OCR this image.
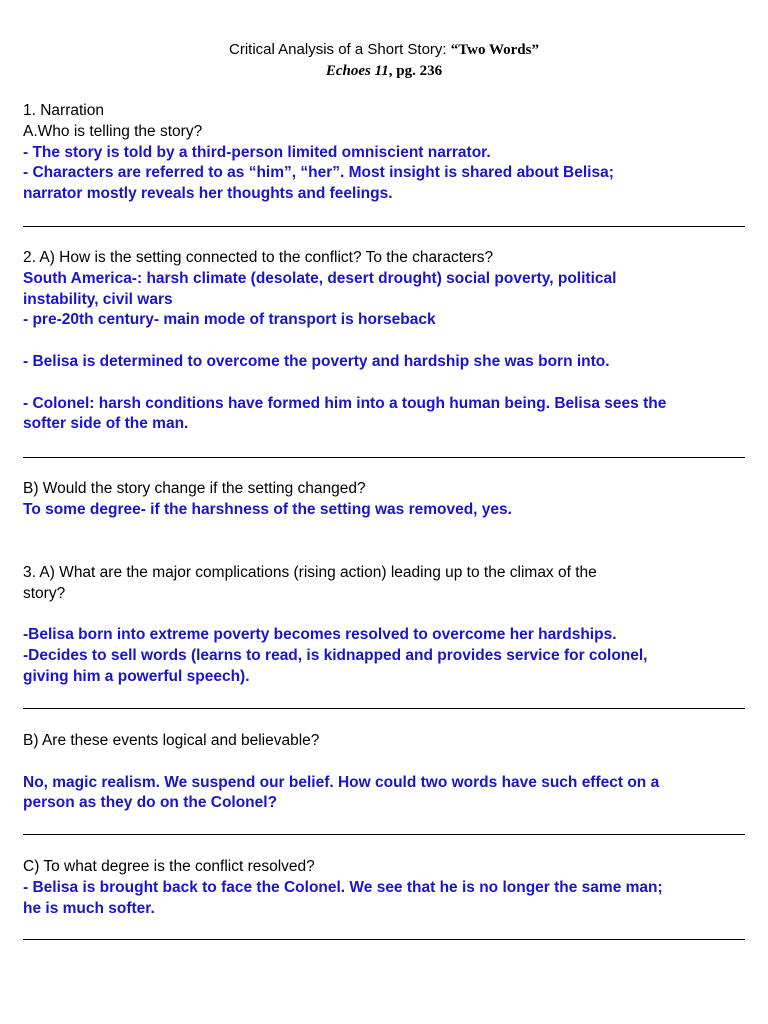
Critical Analysis of a Short Story: “Two Words”
Echoes 11, pg. 236
1. Narration
A.Who is telling the story?
- The story is told by a third-person limited omniscient narrator.
- Characters are referred to as “him”, “her”. Most insight is shared about Belisa;
narrator mostly reveals her thoughts and feelings.
2. A) How is the setting connected to the conflict? To the characters?
South America-: harsh climate (desolate, desert drought) social poverty, political
instability, civil wars
- pre-20th century- main mode of transport is horseback
- Belisa is determined to overcome the poverty and hardship she was born into.
- Colonel: harsh conditions have formed him into a tough human being. Belisa sees the
softer side of the man.
B) Would the story change if the setting changed?
To some degree- if the harshness of the setting was removed, yes.
3. A) What are the major complications (rising action) leading up to the climax of the
story?
-Belisa born into extreme poverty becomes resolved to overcome her hardships.
-Decides to sell words (learns to read, is kidnapped and provides service for colonel,
giving him a powerful speech).
B) Are these events logical and believable?
No, magic realism. We suspend our belief. How could two words have such effect on a
person as they do on the Colonel?
C) To what degree is the conflict resolved?
- Belisa is brought back to face the Colonel. We see that he is no longer the same man;
he is much softer.
